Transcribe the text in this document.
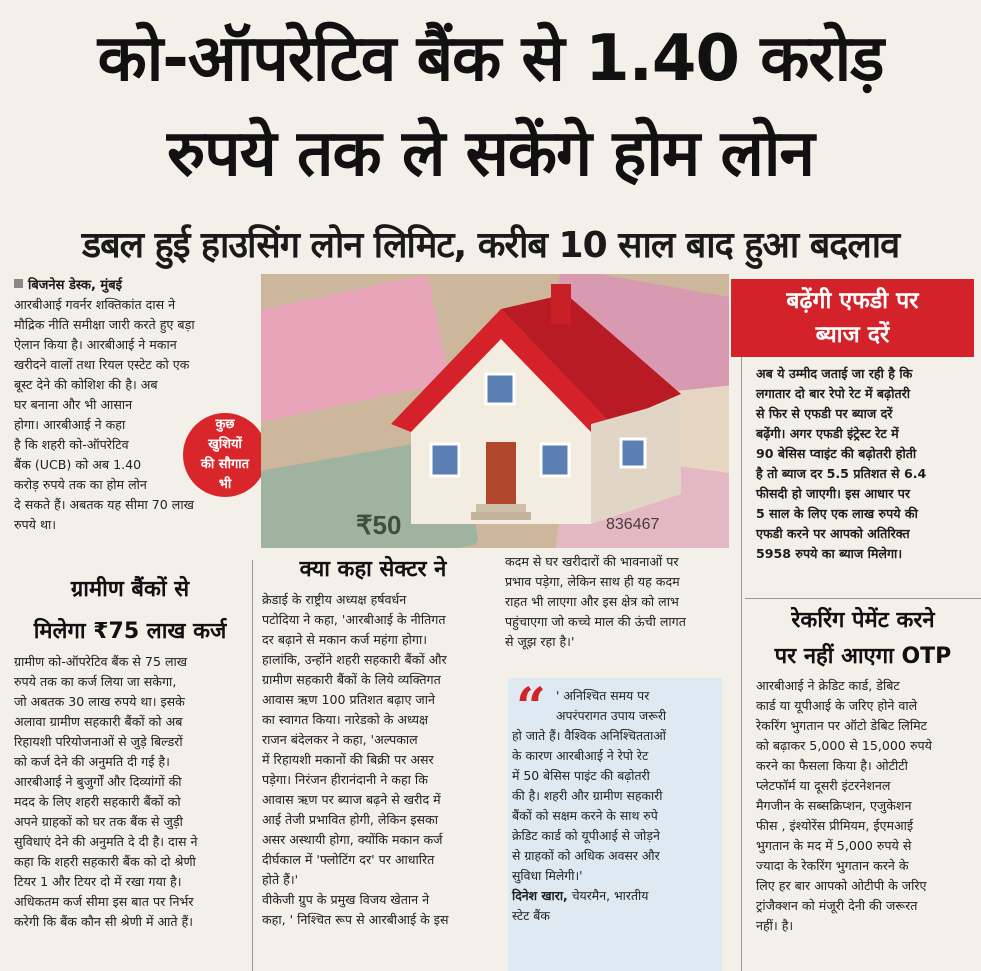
को-ऑपरेटिव बैंक से 1.40 करोड़
रुपये तक ले सकेंगे होम लोन
डबल हुई हाउसिंग लोन लिमिट, करीब 10 साल बाद हुआ बदलाव
बिजनेस डेस्क, मुंबई
आरबीआई गवर्नर शक्तिकांत दास ने
मौद्रिक नीति समीक्षा जारी करते हुए बड़ा
ऐलान किया है। आरबीआई ने मकान
खरीदने वालों तथा रियल एस्टेट को एक
बूस्ट देने की कोशिश की है। अब
घर बनाना और भी आसान
होगा। आरबीआई ने कहा
है कि शहरी को-ऑपरेटिव
बैंक (UCB) को अब 1.40
करोड़ रुपये तक का होम लोन
दे सकते हैं। अबतक यह सीमा 70 लाख
रुपये था।
कुछ
खुशियों
की सौगात
भी
ग्रामीण बैंकों से
मिलेगा ₹75 लाख कर्ज
ग्रामीण को-ऑपरेटिव बैंक से 75 लाख
रुपये तक का कर्ज लिया जा सकेगा,
जो अबतक 30 लाख रुपये था। इसके
अलावा ग्रामीण सहकारी बैंकों को अब
रिहायशी परियोजनाओं से जुड़े बिल्डरों
को कर्ज देने की अनुमति दी गई है।
आरबीआई ने बुजुर्गों और दिव्यांगों की
मदद के लिए शहरी सहकारी बैंकों को
अपने ग्राहकों को घर तक बैंक से जुड़ी
सुविधाएं देने की अनुमति दे दी है। दास ने
कहा कि शहरी सहकारी बैंक को दो श्रेणी
टियर 1 और टियर दो में रखा गया है।
अधिकतम कर्ज सीमा इस बात पर निर्भर
करेगी कि बैंक कौन सी श्रेणी में आते हैं।
₹50	836467
क्या कहा सेक्टर ने
क्रेडाई के राष्ट्रीय अध्यक्ष हर्षवर्धन
पटोदिया ने कहा, 'आरबीआई के नीतिगत
दर बढ़ाने से मकान कर्ज महंगा होगा।
हालांकि, उन्होंने शहरी सहकारी बैंकों और
ग्रामीण सहकारी बैंकों के लिये व्यक्तिगत
आवास ऋण 100 प्रतिशत बढ़ाए जाने
का स्वागत किया। नारेडको के अध्यक्ष
राजन बंदेलकर ने कहा, 'अल्पकाल
में रिहायशी मकानों की बिक्री पर असर
पड़ेगा। निरंजन हीरानंदानी ने कहा कि
आवास ऋण पर ब्याज बढ़ने से खरीद में
आई तेजी प्रभावित होगी, लेकिन इसका
असर अस्थायी होगा, क्योंकि मकान कर्ज
दीर्घकाल में 'फ्लोटिंग दर' पर आधारित
होते हैं।'
वीकेजी ग्रुप के प्रमुख विजय खेतान ने
कहा, ' निश्चित रूप से आरबीआई के इस
कदम से घर खरीदारों की भावनाओं पर
प्रभाव पड़ेगा, लेकिन साथ ही यह कदम
राहत भी लाएगा और इस क्षेत्र को लाभ
पहुंचाएगा जो कच्चे माल की ऊंची लागत
से जूझ रहा है।'
“ ' अनिश्चित समय पर
अपरंपरागत उपाय जरूरी
हो जाते हैं। वैश्विक अनिश्चितताओं
के कारण आरबीआई ने रेपो रेट
में 50 बेसिस पाइंट की बढ़ोतरी
की है। शहरी और ग्रामीण सहकारी
बैंकों को सक्षम करने के साथ रुपे
क्रेडिट कार्ड को यूपीआई से जोड़ने
से ग्राहकों को अधिक अवसर और
सुविधा मिलेगी।'
दिनेश खारा, चेयरमैन, भारतीय
स्टेट बैंक
बढ़ेंगी एफडी पर
ब्याज दरें
अब ये उम्मीद जताई जा रही है कि
लगातार दो बार रेपो रेट में बढ़ोतरी
से फिर से एफडी पर ब्याज दरें
बढ़ेंगी। अगर एफडी इंट्रेस्ट रेट में
90 बेसिस प्वाइंट की बढ़ोतरी होती
है तो ब्याज दर 5.5 प्रतिशत से 6.4
फीसदी हो जाएगी। इस आधार पर
5 साल के लिए एक लाख रुपये की
एफडी करने पर आपको अतिरिक्त
5958 रुपये का ब्याज मिलेगा।
रेकरिंग पेमेंट करने
पर नहीं आएगा OTP
आरबीआई ने क्रेडिट कार्ड, डेबिट
कार्ड या यूपीआई के जरिए होने वाले
रेकरिंग भुगतान पर ऑटो डेबिट लिमिट
को बढ़ाकर 5,000 से 15,000 रुपये
करने का फैसला किया है। ओटीटी
प्लेटफॉर्म या दूसरी इंटरनेशनल
मैगजीन के सब्सक्रिप्शन, एजुकेशन
फीस , इंश्योरेंस प्रीमियम, ईएमआई
भुगतान के मद में 5,000 रुपये से
ज्यादा के रेकरिंग भुगतान करने के
लिए हर बार आपको ओटीपी के जरिए
ट्रांजैक्शन को मंजूरी देनी की जरूरत
नहीं। है।
